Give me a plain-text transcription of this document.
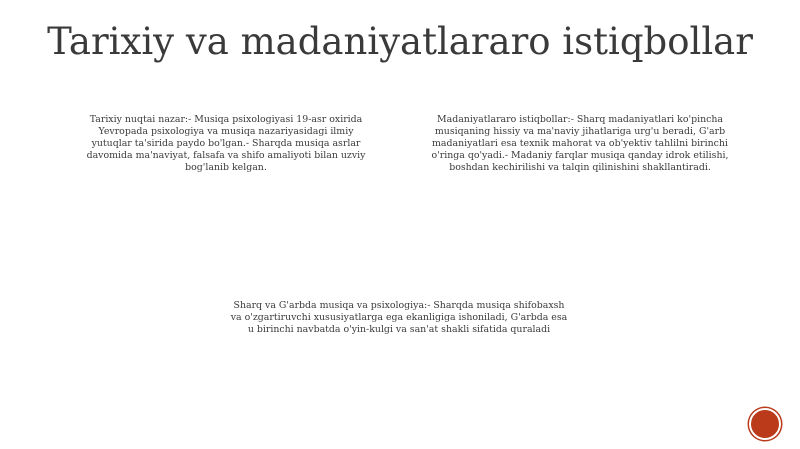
Tarixiy va madaniyatlararo istiqbollar

Tarixiy nuqtai nazar:- Musiqa psixologiyasi 19-asr oxirida Yevropada psixologiya va musiqa nazariyasidagi ilmiy yutuqlar ta'sirida paydo bo'lgan.- Sharqda musiqa asrlar davomida ma'naviyat, falsafa va shifo amaliyoti bilan uzviy bog'lanib kelgan.

Madaniyatlararo istiqbollar:- Sharq madaniyatlari ko'pincha musiqaning hissiy va ma'naviy jihatlariga urg'u beradi, G'arb madaniyatlari esa texnik mahorat va ob'yektiv tahlilni birinchi o'ringa qo'yadi.- Madaniy farqlar musiqa qanday idrok etilishi, boshdan kechirilishi va talqin qilinishini shakllantiradi.

Sharq va G'arbda musiqa va psixologiya:- Sharqda musiqa shifobaxsh va o'zgartiruvchi xususiyatlarga ega ekanligiga ishoniladi, G'arbda esa u birinchi navbatda o'yin-kulgi va san'at shakli sifatida quraladi
